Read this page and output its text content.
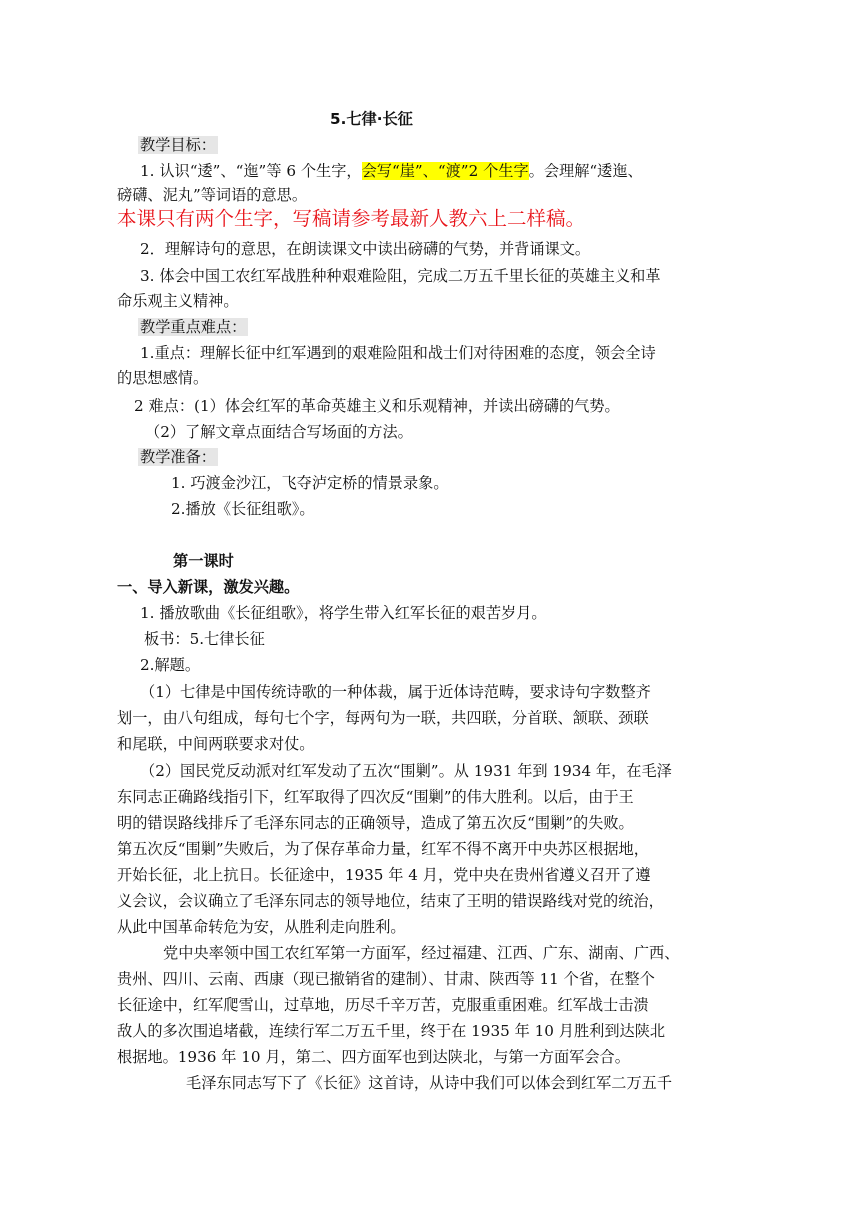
5.七律·长征
教学目标：
1. 认识“逶”、“迤”等 6 个生字，会写“崖”、“渡”2 个生字。会理解“逶迤、
磅礴、泥丸”等词语的意思。
本课只有两个生字，写稿请参考最新人教六上二样稿。
2．理解诗句的意思，在朗读课文中读出磅礴的气势，并背诵课文。
3. 体会中国工农红军战胜种种艰难险阻，完成二万五千里长征的英雄主义和革
命乐观主义精神。
教学重点难点：
1.重点：理解长征中红军遇到的艰难险阻和战士们对待困难的态度，领会全诗
的思想感情。
2 难点：(1）体会红军的革命英雄主义和乐观精神，并读出磅礴的气势。
（2）了解文章点面结合写场面的方法。
教学准备：
1. 巧渡金沙江，飞夺泸定桥的情景录象。
2.播放《长征组歌》。
第一课时
一、导入新课，激发兴趣。
1. 播放歌曲《长征组歌》，将学生带入红军长征的艰苦岁月。
板书：5.七律长征
2.解题。
（1）七律是中国传统诗歌的一种体裁，属于近体诗范畴，要求诗句字数整齐
划一，由八句组成，每句七个字，每两句为一联，共四联，分首联、颔联、颈联
和尾联，中间两联要求对仗。
（2）国民党反动派对红军发动了五次“围剿”。从 1931 年到 1934 年，在毛泽
东同志正确路线指引下，红军取得了四次反“围剿”的伟大胜利。以后，由于王
明的错误路线排斥了毛泽东同志的正确领导，造成了第五次反“围剿”的失败。
第五次反“围剿”失败后，为了保存革命力量，红军不得不离开中央苏区根据地，
开始长征，北上抗日。长征途中，1935 年 4 月，党中央在贵州省遵义召开了遵
义会议，会议确立了毛泽东同志的领导地位，结束了王明的错误路线对党的统治，
从此中国革命转危为安，从胜利走向胜利。
党中央率领中国工农红军第一方面军，经过福建、江西、广东、湖南、广西、
贵州、四川、云南、西康（现已撤销省的建制）、甘肃、陕西等 11 个省，在整个
长征途中，红军爬雪山，过草地，历尽千辛万苦，克服重重困难。红军战士击溃
敌人的多次围追堵截，连续行军二万五千里，终于在 1935 年 10 月胜利到达陕北
根据地。1936 年 10 月，第二、四方面军也到达陕北，与第一方面军会合。
毛泽东同志写下了《长征》这首诗，从诗中我们可以体会到红军二万五千
